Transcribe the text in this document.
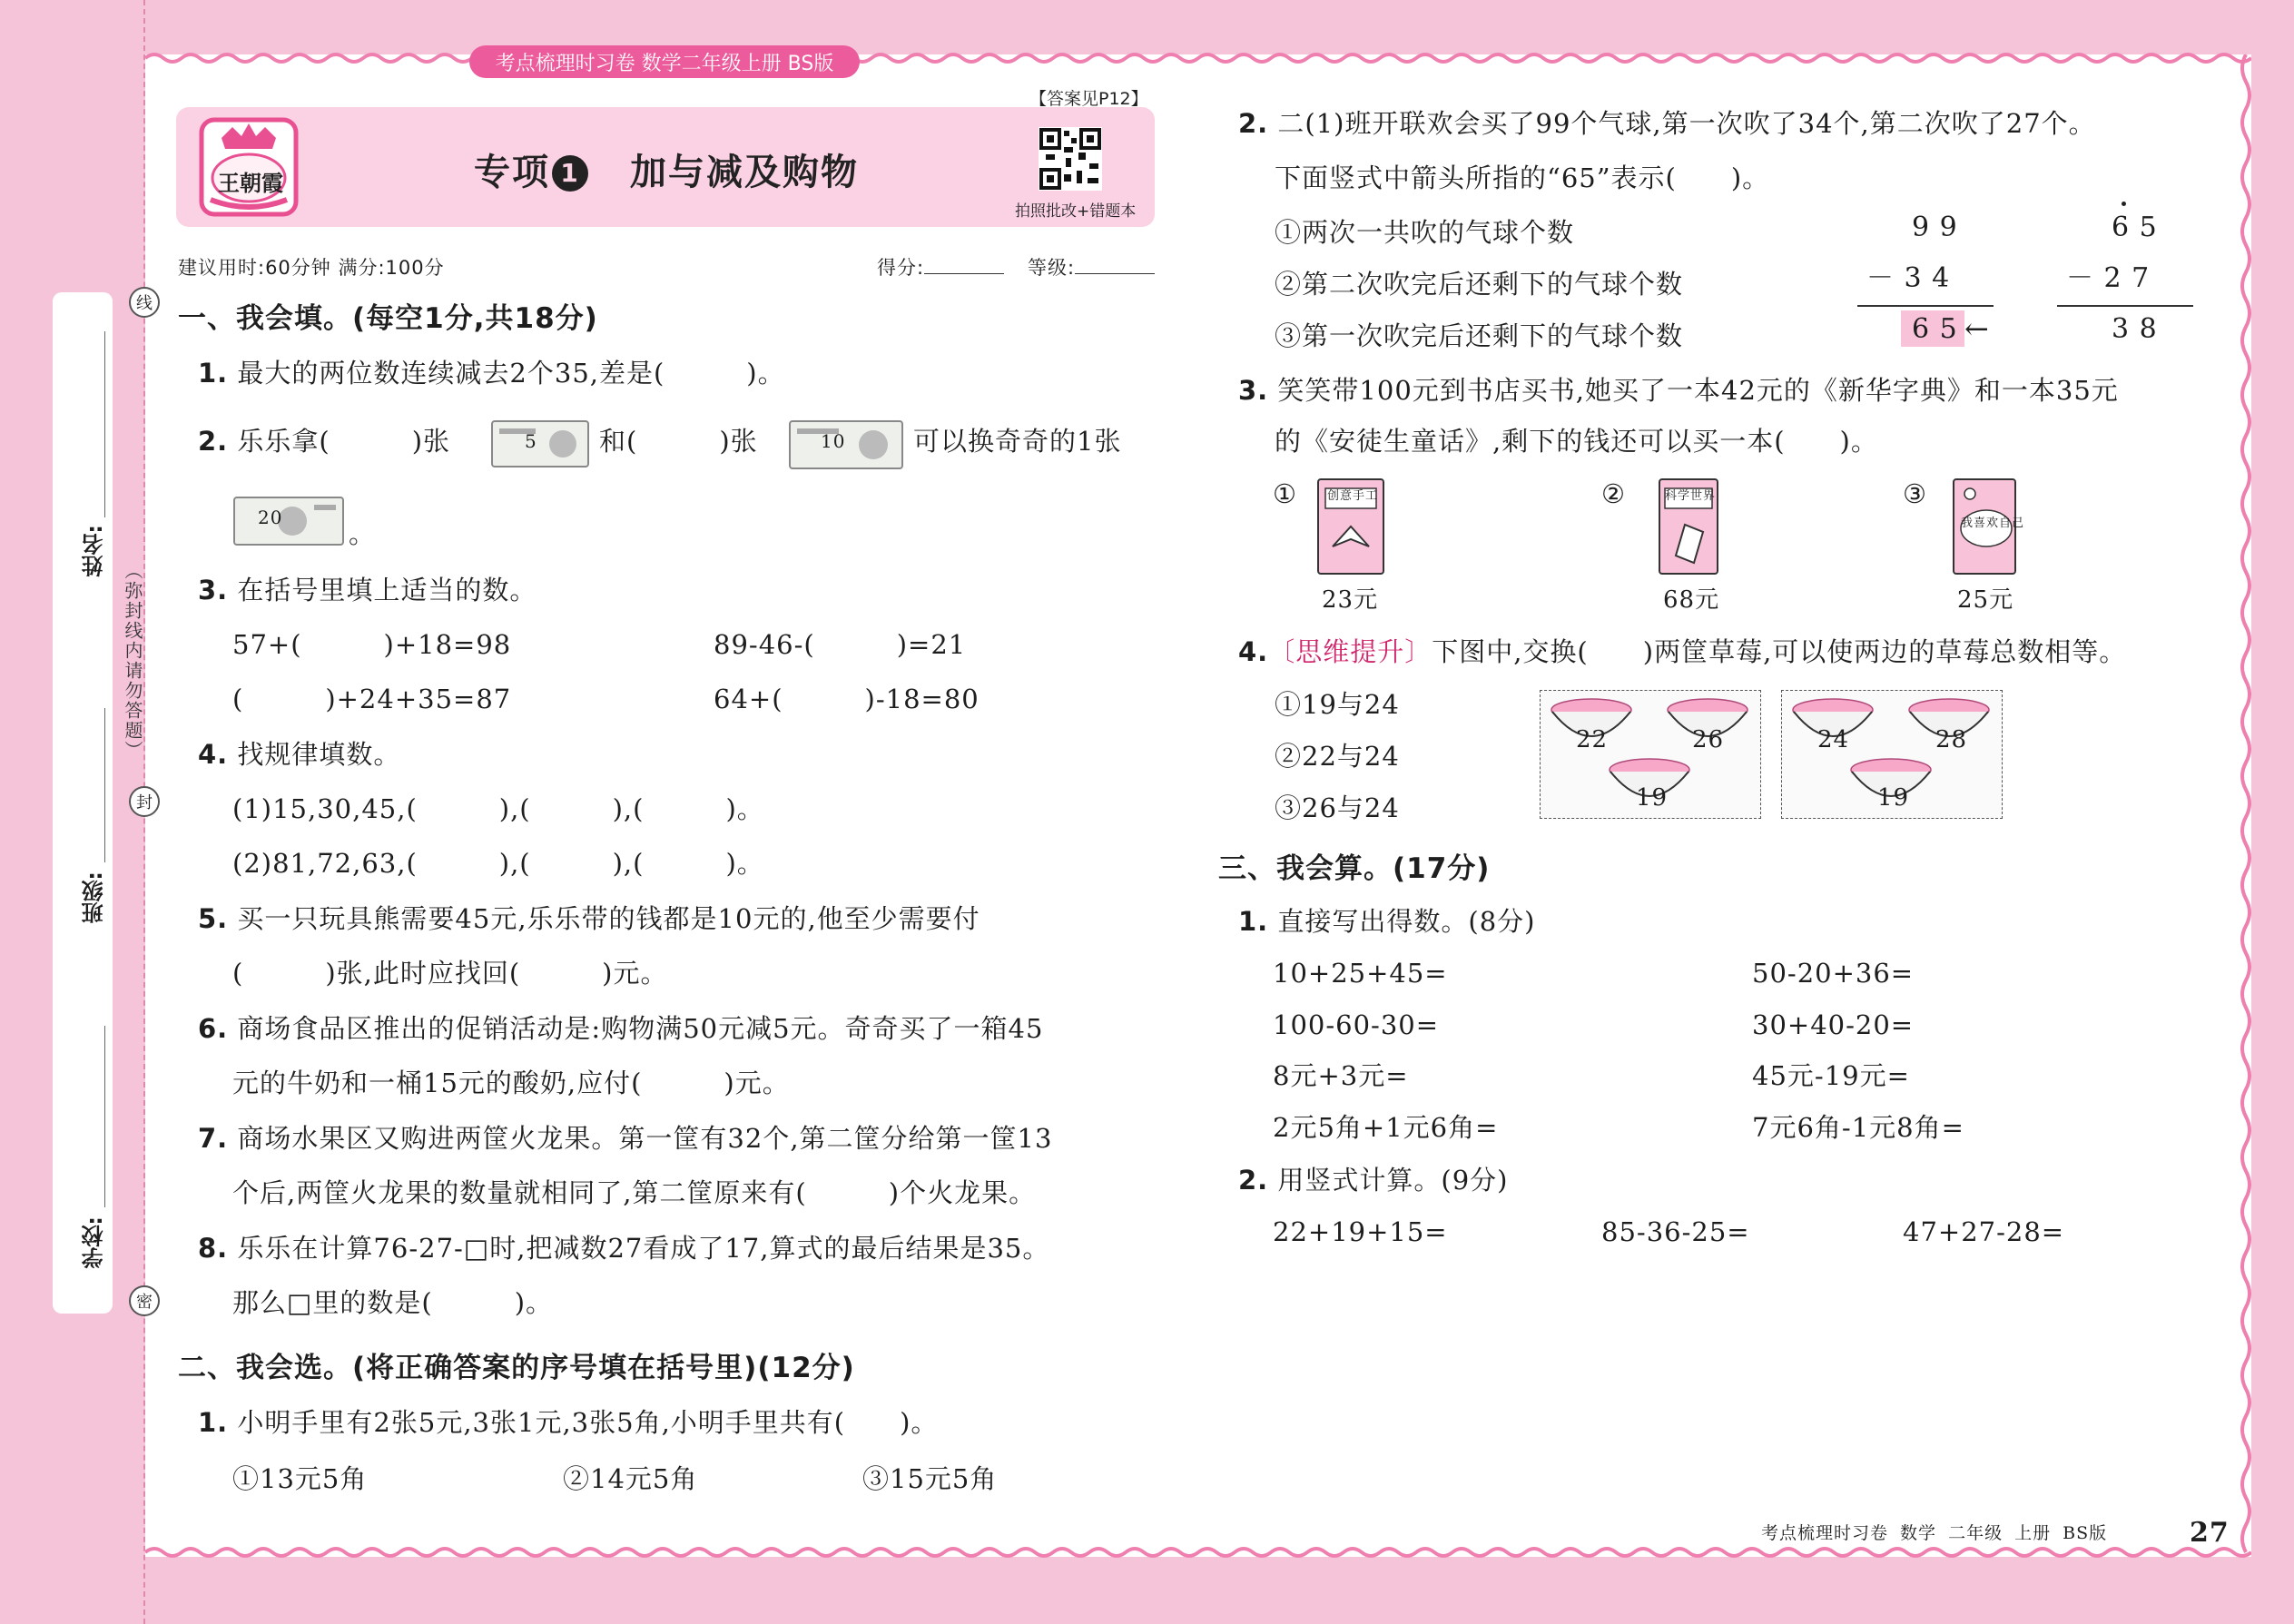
学校:
班级:
姓名:
（弥封线内请勿答题）
线
封
密
考点梳理时习卷 数学二年级上册 BS版
王朝霞	专项 1 加与减及购物
【答案见P12】
拍照批改+错题本
建议用时:60分钟 满分:100分	得分:	等级:
一、我会填。(每空1分,共18分)
1. 最大的两位数连续减去2个35,差是(　　　)。
2. 乐乐拿(　　　)张	5 和(　　　)张	10	可以换奇奇的1张
20
。
3. 在括号里填上适当的数。
57+(　　　)+18=98	89-46-(　　　)=21
(　　　)+24+35=87	64+(　　　)-18=80
4. 找规律填数。
(1)15,30,45,(　　　),(　　　),(　　　)。
(2)81,72,63,(　　　),(　　　),(　　　)。
5. 买一只玩具熊需要45元,乐乐带的钱都是10元的,他至少需要付
(　　　)张,此时应找回(　　　)元。
6. 商场食品区推出的促销活动是:购物满50元减5元。奇奇买了一箱45
元的牛奶和一桶15元的酸奶,应付(　　　)元。
7. 商场水果区又购进两筐火龙果。第一筐有32个,第二筐分给第一筐13
个后,两筐火龙果的数量就相同了,第二筐原来有(　　　)个火龙果。
8. 乐乐在计算76-27-□时,把减数27看成了17,算式的最后结果是35。
那么□里的数是(　　　)。
二、我会选。(将正确答案的序号填在括号里)(12分)
1. 小明手里有2张5元,3张1元,3张5角,小明手里共有(　　)。
①13元5角	②14元5角	③15元5角
2. 二(1)班开联欢会买了99个气球,第一次吹了34个,第二次吹了27个。
下面竖式中箭头所指的“65”表示(　　)。
①两次一共吹的气球个数
②第二次吹完后还剩下的气球个数
③第一次吹完后还剩下的气球个数
9 9
－ 3 4
6 5 ←
6 5
－ 2 7
3 8
3. 笑笑带100元到书店买书,她买了一本42元的《新华字典》和一本35元
的《安徒生童话》,剩下的钱还可以买一本(　　)。
①	创意手工
23元
②	科学世界
68元
③
我喜欢自己
25元
4.〔思维提升〕下图中,交换(　　)两筐草莓,可以使两边的草莓总数相等。
①19与24
②22与24
③26与24
22	26
19
24	28
19
三、我会算。(17分)
1. 直接写出得数。(8分)
10+25+45=	50-20+36=
100-60-30=	30+40-20=
8元+3元=	45元-19元=
2元5角+1元6角=	7元6角-1元8角=
2. 用竖式计算。(9分)
22+19+15=	85-36-25=	47+27-28=
考点梳理时习卷 数学 二年级 上册 BS版	27
